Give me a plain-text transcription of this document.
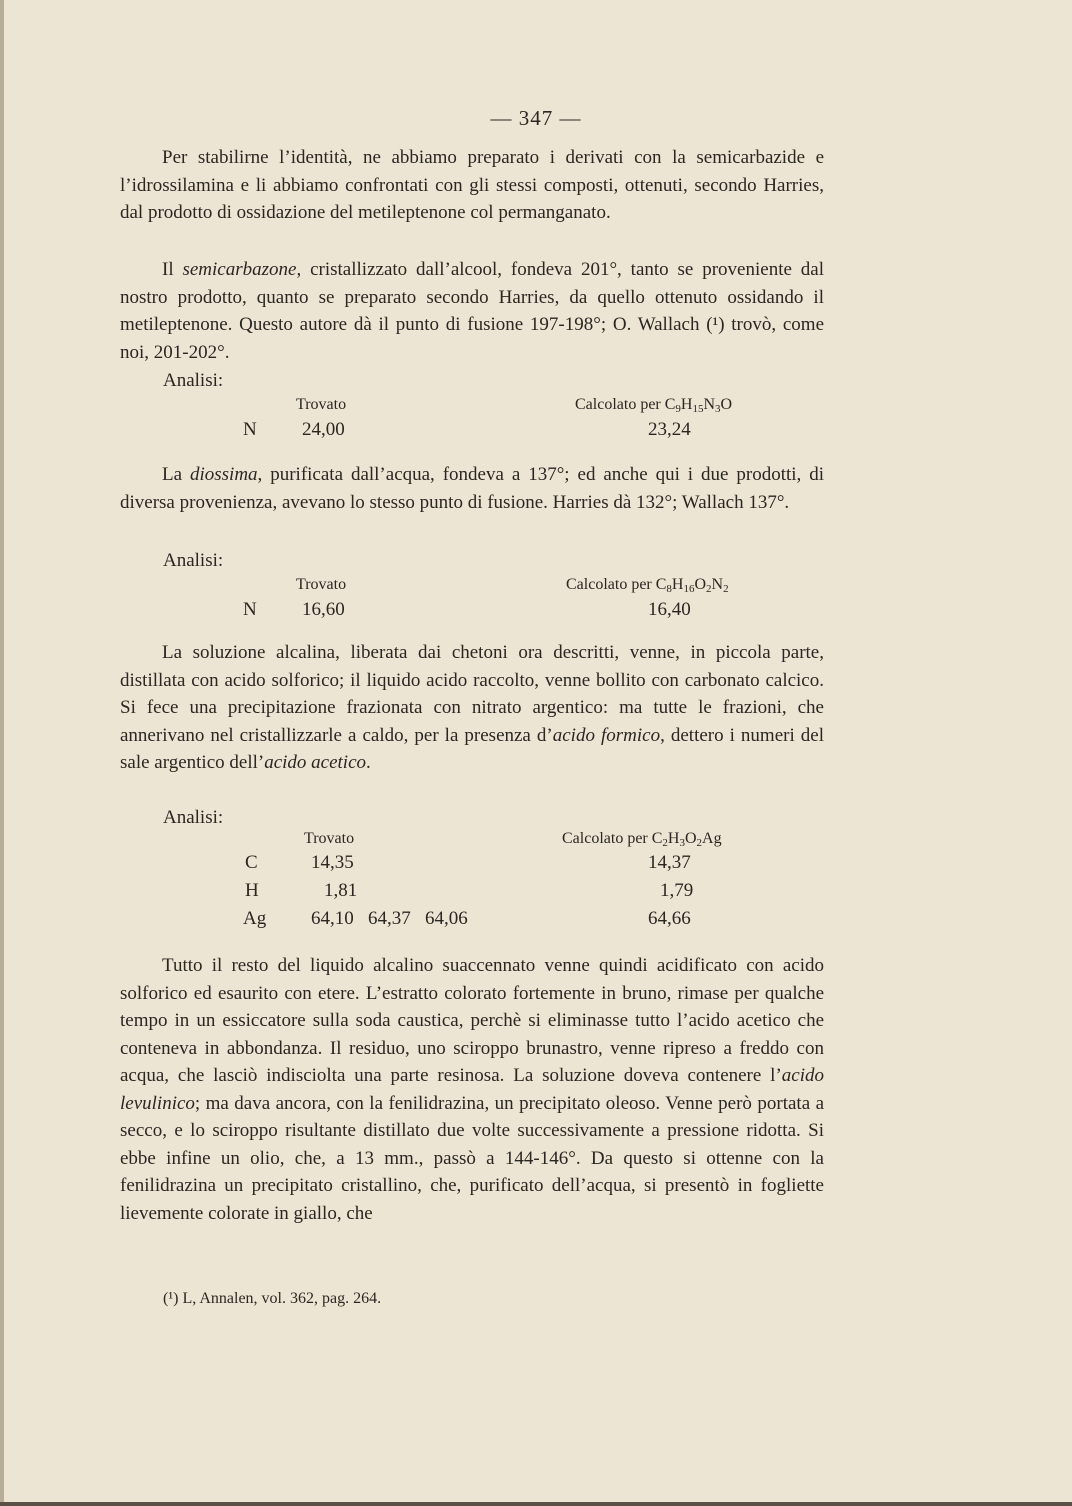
— 347 —
Per stabilirne l’identità, ne abbiamo preparato i derivati con la semicarbazide e l’idrossilamina e li abbiamo confrontati con gli stessi composti, ottenuti, secondo Harries, dal prodotto di ossidazione del metileptenone col permanganato.
Il semicarbazone, cristallizzato dall’alcool, fondeva 201°, tanto se proveniente dal nostro prodotto, quanto se preparato secondo Harries, da quello ottenuto ossidando il metileptenone. Questo autore dà il punto di fusione 197-198°; O. Wallach (¹) trovò, come noi, 201-202°.
Analisi:
Trovato	Calcolato per $C_9H_{15}N_3O$
N 24,00	23,24
La diossima, purificata dall’acqua, fondeva a 137°; ed anche qui i due prodotti, di diversa provenienza, avevano lo stesso punto di fusione. Harries dà 132°; Wallach 137°.
Analisi:
Trovato	Calcolato per $C_8H_{16}O_2N_2$
N 16,60	16,40
La soluzione alcalina, liberata dai chetoni ora descritti, venne, in piccola parte, distillata con acido solforico; il liquido acido raccolto, venne bollito con carbonato calcico. Si fece una precipitazione frazionata con nitrato argentico: ma tutte le frazioni, che annerivano nel cristallizzarle a caldo, per la presenza d’acido formico, dettero i numeri del sale argentico dell’acido acetico.
Analisi:
Trovato	Calcolato per $C_2H_3O_2Ag$
C	14,35	14,37
H	1,81	1,79
Ag 64,10   64,37   64,06	64,66
Tutto il resto del liquido alcalino suaccennato venne quindi acidificato con acido solforico ed esaurito con etere. L’estratto colorato fortemente in bruno, rimase per qualche tempo in un essiccatore sulla soda caustica, perchè si eliminasse tutto l’acido acetico che conteneva in abbondanza. Il residuo, uno sciroppo brunastro, venne ripreso a freddo con acqua, che lasciò indisciolta una parte resinosa. La soluzione doveva contenere l’acido levulinico; ma dava ancora, con la fenilidrazina, un precipitato oleoso. Venne però portata a secco, e lo sciroppo risultante distillato due volte successivamente a pressione ridotta. Si ebbe infine un olio, che, a 13 mm., passò a 144-146°. Da questo si ottenne con la fenilidrazina un precipitato cristallino, che, purificato dell’acqua, si presentò in fogliette lievemente colorate in giallo, che
(¹) L, Annalen, vol. 362, pag. 264.
